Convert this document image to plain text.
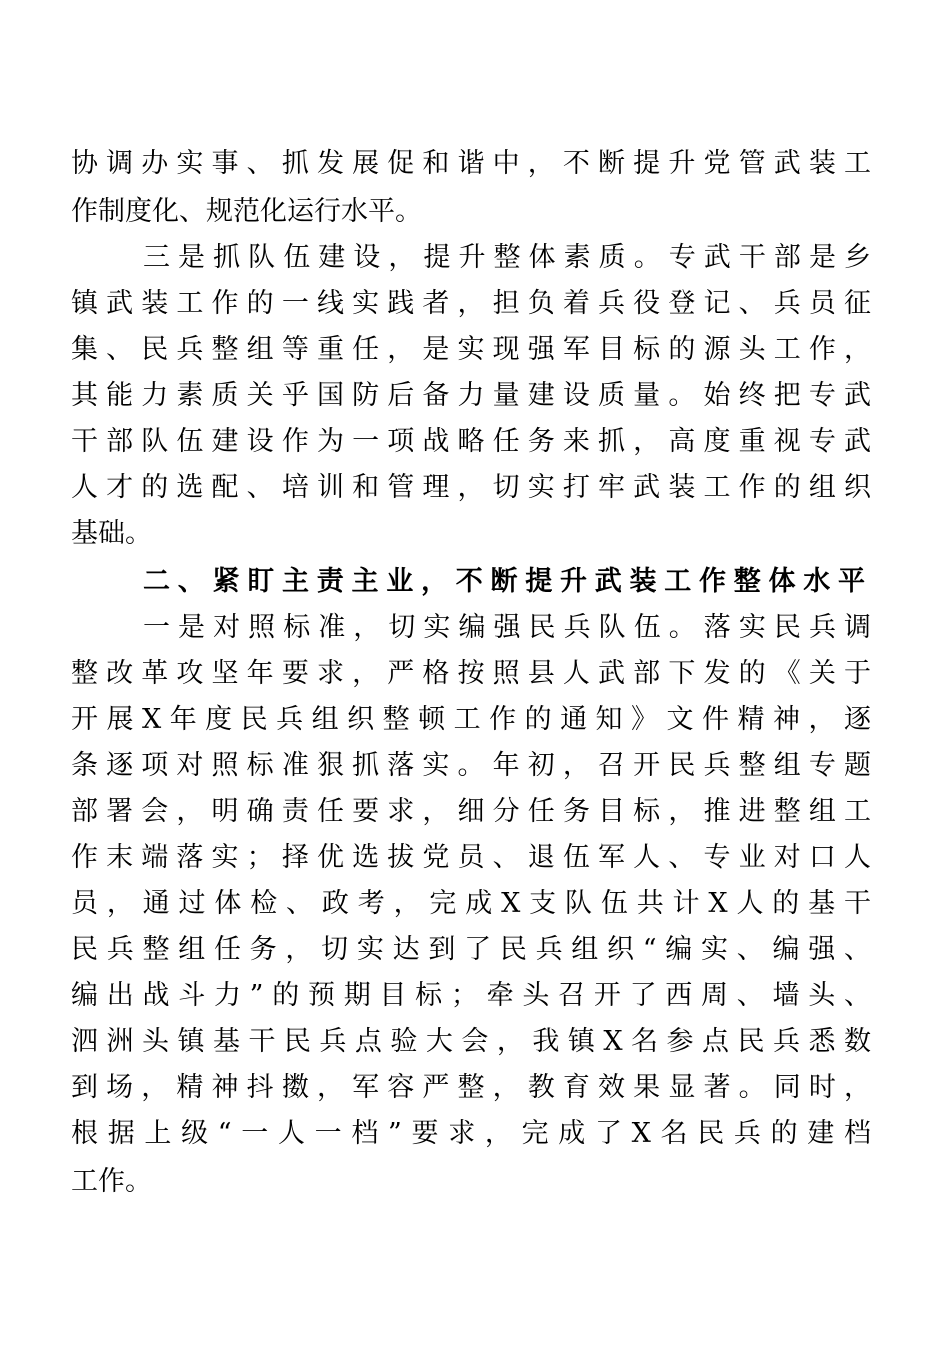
协调办实事、抓发展促和谐中，不断提升党管武装工
作制度化、规范化运行水平。
三是抓队伍建设，提升整体素质。专武干部是乡
镇武装工作的一线实践者，担负着兵役登记、兵员征
集、民兵整组等重任，是实现强军目标的源头工作，
其能力素质关乎国防后备力量建设质量。始终把专武
干部队伍建设作为一项战略任务来抓，高度重视专武
人才的选配、培训和管理，切实打牢武装工作的组织
基础。
二、紧盯主责主业，不断提升武装工作整体水平
一是对照标准，切实编强民兵队伍。落实民兵调
整改革攻坚年要求，严格按照县人武部下发的《关于
开展X年度民兵组织整顿工作的通知》文件精神，逐
条逐项对照标准狠抓落实。年初，召开民兵整组专题
部署会，明确责任要求，细分任务目标，推进整组工
作末端落实；择优选拔党员、退伍军人、专业对口人
员，通过体检、政考，完成X支队伍共计X人的基干
民兵整组任务，切实达到了民兵组织“编实、编强、
编出战斗力”的预期目标；牵头召开了西周、墙头、
泗洲头镇基干民兵点验大会，我镇X名参点民兵悉数
到场，精神抖擞，军容严整，教育效果显著。同时，
根据上级“一人一档”要求，完成了X名民兵的建档
工作。
